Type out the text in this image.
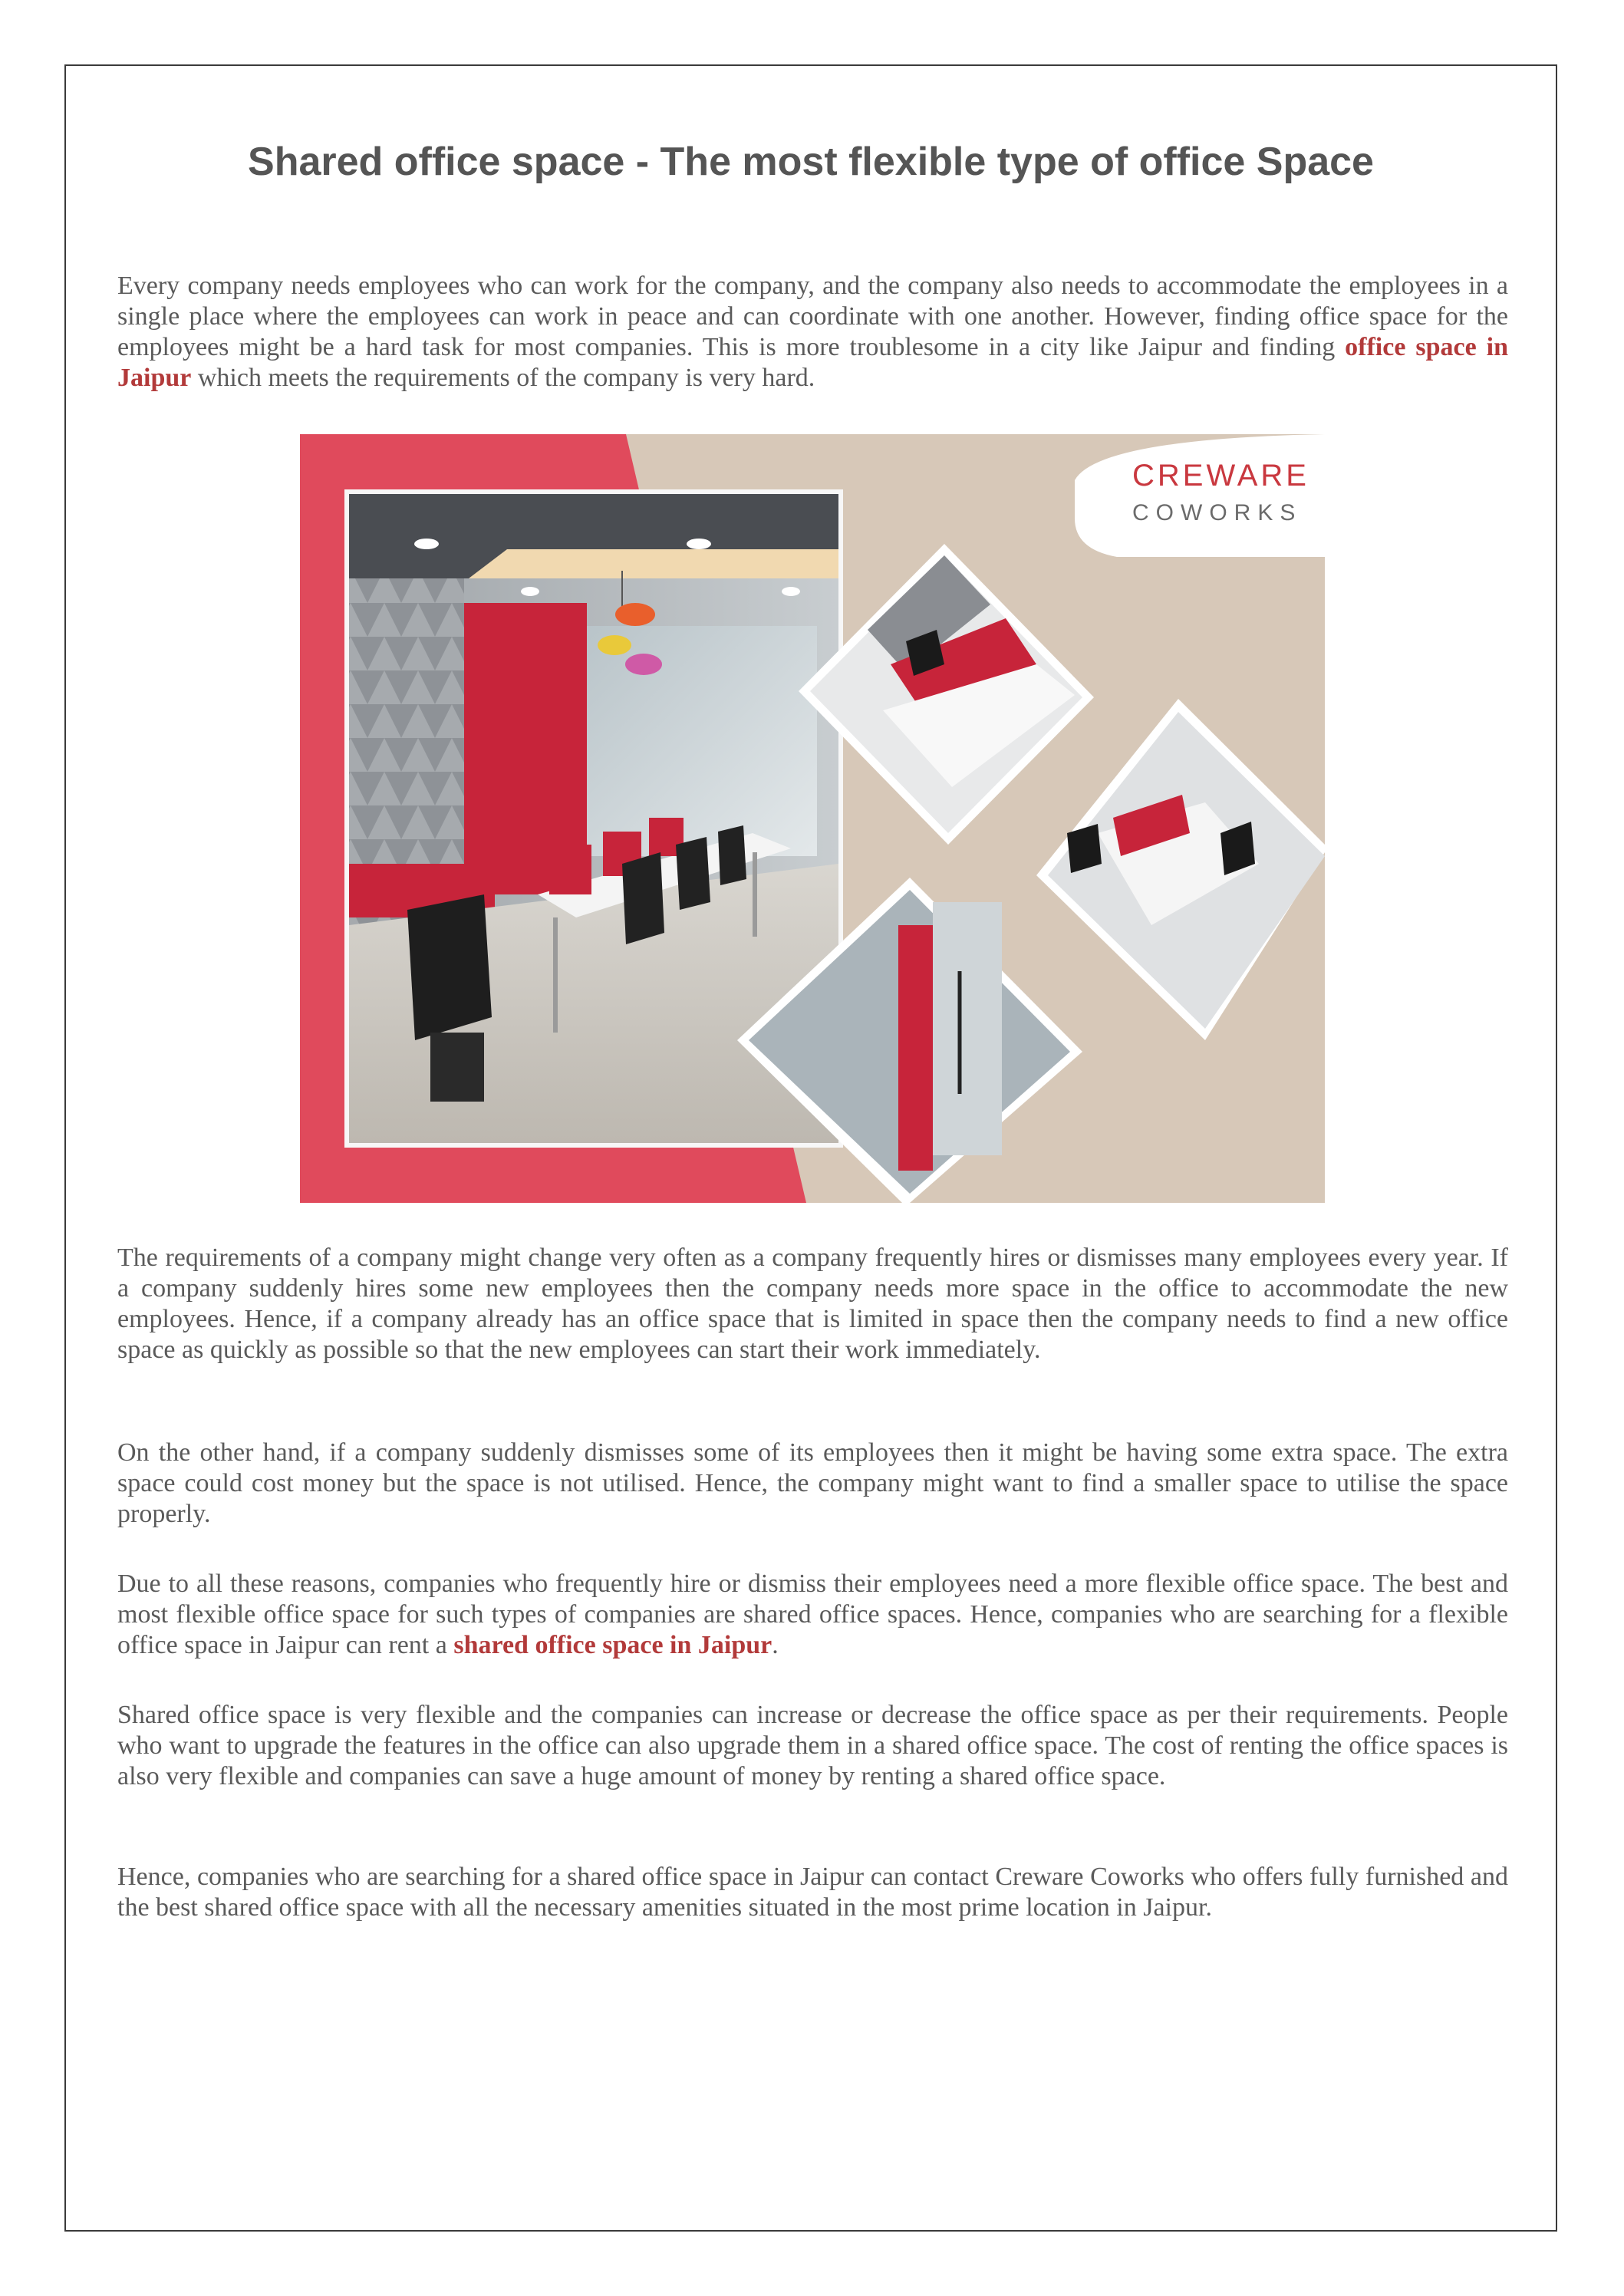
Shared office space - The most flexible type of office Space

Every company needs employees who can work for the company, and the company also needs to accommodate the employees in a single place where the employees can work in peace and can coordinate with one another. However, finding office space for the employees might be a hard task for most companies. This is more troublesome in a city like Jaipur and finding office space in Jaipur which meets the requirements of the company is very hard.

CREWARE
COWORKS

The requirements of a company might change very often as a company frequently hires or dismisses many employees every year. If a company suddenly hires some new employees then the company needs more space in the office to accommodate the new employees. Hence, if a company already has an office space that is limited in space then the company needs to find a new office space as quickly as possible so that the new employees can start their work immediately.

On the other hand, if a company suddenly dismisses some of its employees then it might be having some extra space. The extra space could cost money but the space is not utilised. Hence, the company might want to find a smaller space to utilise the space properly.

Due to all these reasons, companies who frequently hire or dismiss their employees need a more flexible office space. The best and most flexible office space for such types of companies are shared office spaces. Hence, companies who are searching for a flexible office space in Jaipur can rent a shared office space in Jaipur.

Shared office space is very flexible and the companies can increase or decrease the office space as per their requirements. People who want to upgrade the features in the office can also upgrade them in a shared office space. The cost of renting the office spaces is also very flexible and companies can save a huge amount of money by renting a shared office space.

Hence, companies who are searching for a shared office space in Jaipur can contact Creware Coworks who offers fully furnished and the best shared office space with all the necessary amenities situated in the most prime location in Jaipur.
